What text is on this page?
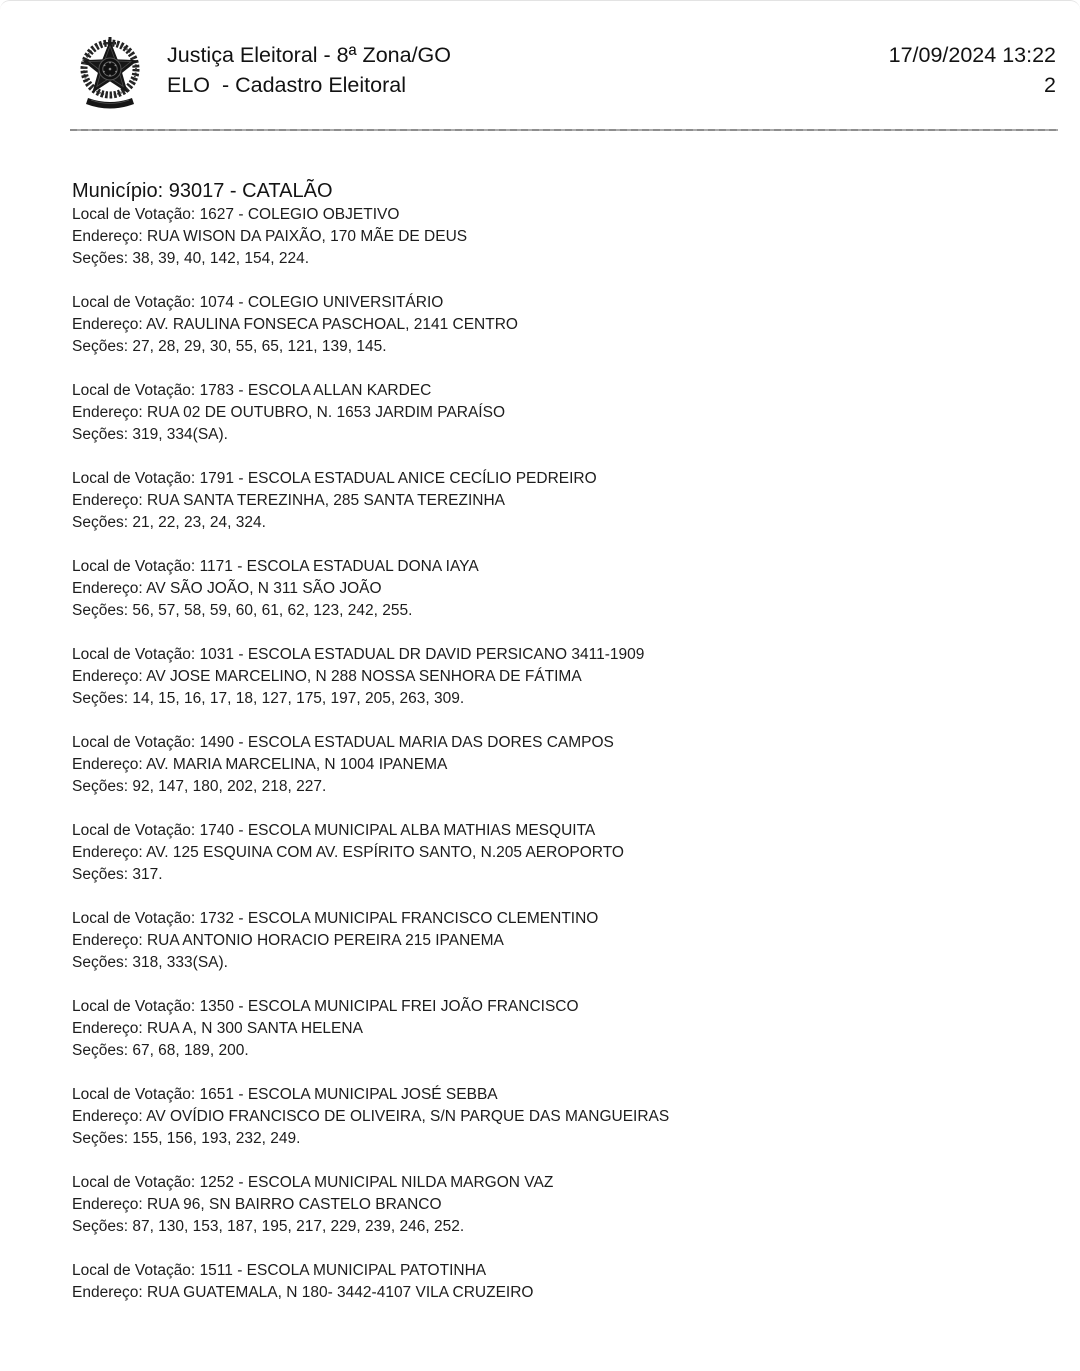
Justiça Eleitoral - 8ª Zona/GO
ELO  - Cadastro Eleitoral
17/09/2024 13:22
2
Município: 93017 - CATALÃO
Local de Votação: 1627 - COLEGIO OBJETIVO
Endereço: RUA WISON DA PAIXÃO, 170 MÃE DE DEUS
Seções: 38, 39, 40, 142, 154, 224.
Local de Votação: 1074 - COLEGIO UNIVERSITÁRIO
Endereço: AV. RAULINA FONSECA PASCHOAL, 2141 CENTRO
Seções: 27, 28, 29, 30, 55, 65, 121, 139, 145.
Local de Votação: 1783 - ESCOLA ALLAN KARDEC
Endereço: RUA 02 DE OUTUBRO, N. 1653 JARDIM PARAÍSO
Seções: 319, 334(SA).
Local de Votação: 1791 - ESCOLA ESTADUAL ANICE CECÍLIO PEDREIRO
Endereço: RUA SANTA TEREZINHA, 285 SANTA TEREZINHA
Seções: 21, 22, 23, 24, 324.
Local de Votação: 1171 - ESCOLA ESTADUAL DONA IAYA
Endereço: AV SÃO JOÃO, N 311 SÃO JOÃO
Seções: 56, 57, 58, 59, 60, 61, 62, 123, 242, 255.
Local de Votação: 1031 - ESCOLA ESTADUAL DR DAVID PERSICANO 3411-1909
Endereço: AV JOSE MARCELINO, N 288 NOSSA SENHORA DE FÁTIMA
Seções: 14, 15, 16, 17, 18, 127, 175, 197, 205, 263, 309.
Local de Votação: 1490 - ESCOLA ESTADUAL MARIA DAS DORES CAMPOS
Endereço: AV. MARIA MARCELINA, N 1004 IPANEMA
Seções: 92, 147, 180, 202, 218, 227.
Local de Votação: 1740 - ESCOLA MUNICIPAL ALBA MATHIAS MESQUITA
Endereço: AV. 125 ESQUINA COM AV. ESPÍRITO SANTO, N.205 AEROPORTO
Seções: 317.
Local de Votação: 1732 - ESCOLA MUNICIPAL FRANCISCO CLEMENTINO
Endereço: RUA ANTONIO HORACIO PEREIRA 215 IPANEMA
Seções: 318, 333(SA).
Local de Votação: 1350 - ESCOLA MUNICIPAL FREI JOÃO FRANCISCO
Endereço: RUA A, N 300 SANTA HELENA
Seções: 67, 68, 189, 200.
Local de Votação: 1651 - ESCOLA MUNICIPAL JOSÉ SEBBA
Endereço: AV OVÍDIO FRANCISCO DE OLIVEIRA, S/N PARQUE DAS MANGUEIRAS
Seções: 155, 156, 193, 232, 249.
Local de Votação: 1252 - ESCOLA MUNICIPAL NILDA MARGON VAZ
Endereço: RUA 96, SN BAIRRO CASTELO BRANCO
Seções: 87, 130, 153, 187, 195, 217, 229, 239, 246, 252.
Local de Votação: 1511 - ESCOLA MUNICIPAL PATOTINHA
Endereço: RUA GUATEMALA, N 180- 3442-4107 VILA CRUZEIRO
